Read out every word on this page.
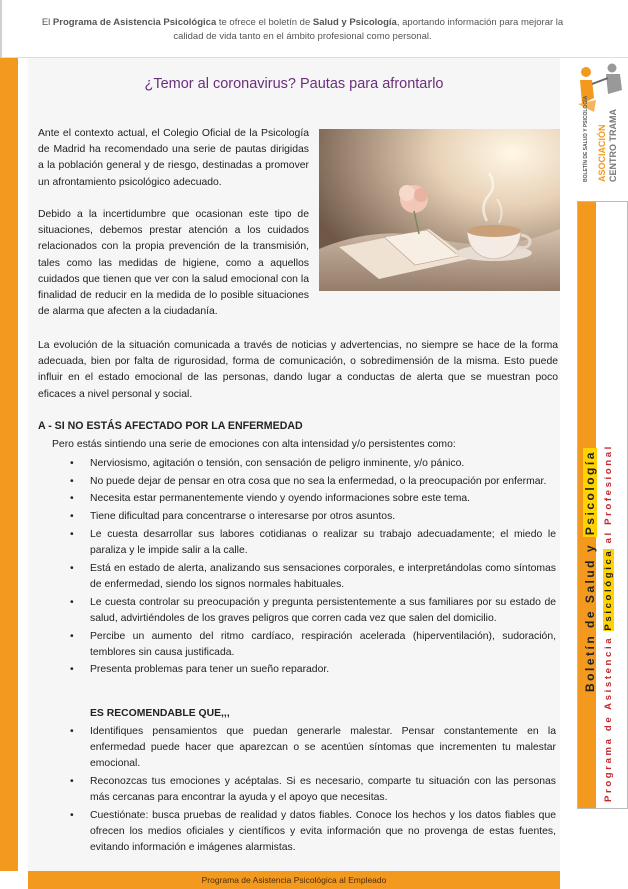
El Programa de Asistencia Psicológica te ofrece el boletín de Salud y Psicología, aportando información para mejorar la calidad de vida tanto en el ámbito profesional como personal.

¿Temor al coronavirus? Pautas para afrontarlo

Ante el contexto actual, el Colegio Oficial de la Psicología de Madrid ha recomendado una serie de pautas dirigidas a la población general y de riesgo, destinadas a promover un afrontamiento psicológico adecuado.

Debido a la incertidumbre que ocasionan este tipo de situaciones, debemos prestar atención a los cuidados relacionados con la propia prevención de la transmisión, tales como las medidas de higiene, como a aquellos cuidados que tienen que ver con la salud emocional con la finalidad de reducir en la medida de lo posible situaciones de alarma que afecten a la ciudadanía.

La evolución de la situación comunicada a través de noticias y advertencias, no siempre se hace de la forma adecuada, bien por falta de rigurosidad, forma de comunicación, o sobredimensión de la misma. Esto puede influir en el estado emocional de las personas, dando lugar a conductas de alerta que se muestran poco eficaces a nivel personal y social.

A - SI NO ESTÁS AFECTADO POR LA ENFERMEDAD
Pero estás sintiendo una serie de emociones con alta intensidad y/o persistentes como:
• Nerviosismo, agitación o tensión, con sensación de peligro inminente, y/o pánico.
• No puede dejar de pensar en otra cosa que no sea la enfermedad, o la preocupación por enfermar.
• Necesita estar permanentemente viendo y oyendo informaciones sobre este tema.
• Tiene dificultad para concentrarse o interesarse por otros asuntos.
• Le cuesta desarrollar sus labores cotidianas o realizar su trabajo adecuadamente; el miedo le paraliza y le impide salir a la calle.
• Está en estado de alerta, analizando sus sensaciones corporales, e interpretándolas como síntomas de enfermedad, siendo los signos normales habituales.
• Le cuesta controlar su preocupación y pregunta persistentemente a sus familiares por su estado de salud, advirtiéndoles de los graves peligros que corren cada vez que salen del domicilio.
• Percibe un aumento del ritmo cardíaco, respiración acelerada (hiperventilación), sudoración, temblores sin causa justificada.
• Presenta problemas para tener un sueño reparador.
ES RECOMENDABLE QUE,,,
• Identifiques pensamientos que puedan generarle malestar. Pensar constantemente en la enfermedad puede hacer que aparezcan o se acentúen síntomas que incrementen tu malestar emocional.
• Reconozcas tus emociones y acéptalas. Si es necesario, comparte tu situación con las personas más cercanas para encontrar la ayuda y el apoyo que necesitas.
• Cuestiónate: busca pruebas de realidad y datos fiables. Conoce los hechos y los datos fiables que ofrecen los medios oficiales y científicos y evita información que no provenga de estas fuentes, evitando información e imágenes alarmistas.
BOLETÍN DE SALUD Y PSICOLOGÍA ASOCIACIÓN CENTRO TRAMA
Boletín de Salud y Psicología
Programa de Asistencia Psicológica al Profesional
Programa de Asistencia Psicológica al Empleado
